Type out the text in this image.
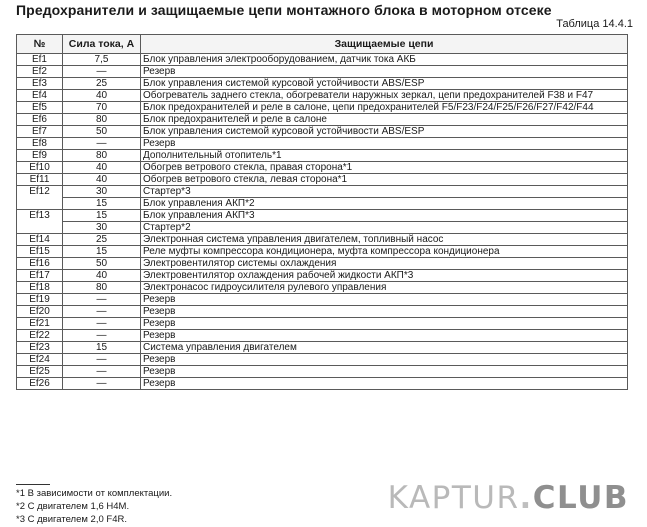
Предохранители и защищаемые цепи монтажного блока в моторном отсеке
Таблица 14.4.1
№	Сила тока, А	Защищаемые цепи
Ef1	7,5	Блок управления электрооборудованием, датчик тока АКБ
Ef2	—	Резерв
Ef3	25	Блок управления системой курсовой устойчивости ABS/ESP
Ef4	40	Обогреватель заднего стекла, обогреватели наружных зеркал, цепи предохранителей F38 и F47
Ef5	70	Блок предохранителей и реле в салоне, цепи предохранителей F5/F23/F24/F25/F26/F27/F42/F44
Ef6	80	Блок предохранителей и реле в салоне
Ef7	50	Блок управления системой курсовой устойчивости ABS/ESP
Ef8	—	Резерв
Ef9	80	Дополнительный отопитель*1
Ef10	40	Обогрев ветрового стекла, правая сторона*1
Ef11	40	Обогрев ветрового стекла, левая сторона*1
Ef12	30	Стартер*3
	15	Блок управления АКП*2
Ef13	15	Блок управления АКП*3
	30	Стартер*2
Ef14	25	Электронная система управления двигателем, топливный насос
Ef15	15	Реле муфты компрессора кондиционера, муфта компрессора кондиционера
Ef16	50	Электровентилятор системы охлаждения
Ef17	40	Электровентилятор охлаждения рабочей жидкости АКП*3
Ef18	80	Электронасос гидроусилителя рулевого управления
Ef19	—	Резерв
Ef20	—	Резерв
Ef21	—	Резерв
Ef22	—	Резерв
Ef23	15	Система управления двигателем
Ef24	—	Резерв
Ef25	—	Резерв
Ef26	—	Резерв
*1 В зависимости от комплектации.
*2 С двигателем 1,6 H4M.
*3 С двигателем 2,0 F4R.
KAPTUR.CLUB
